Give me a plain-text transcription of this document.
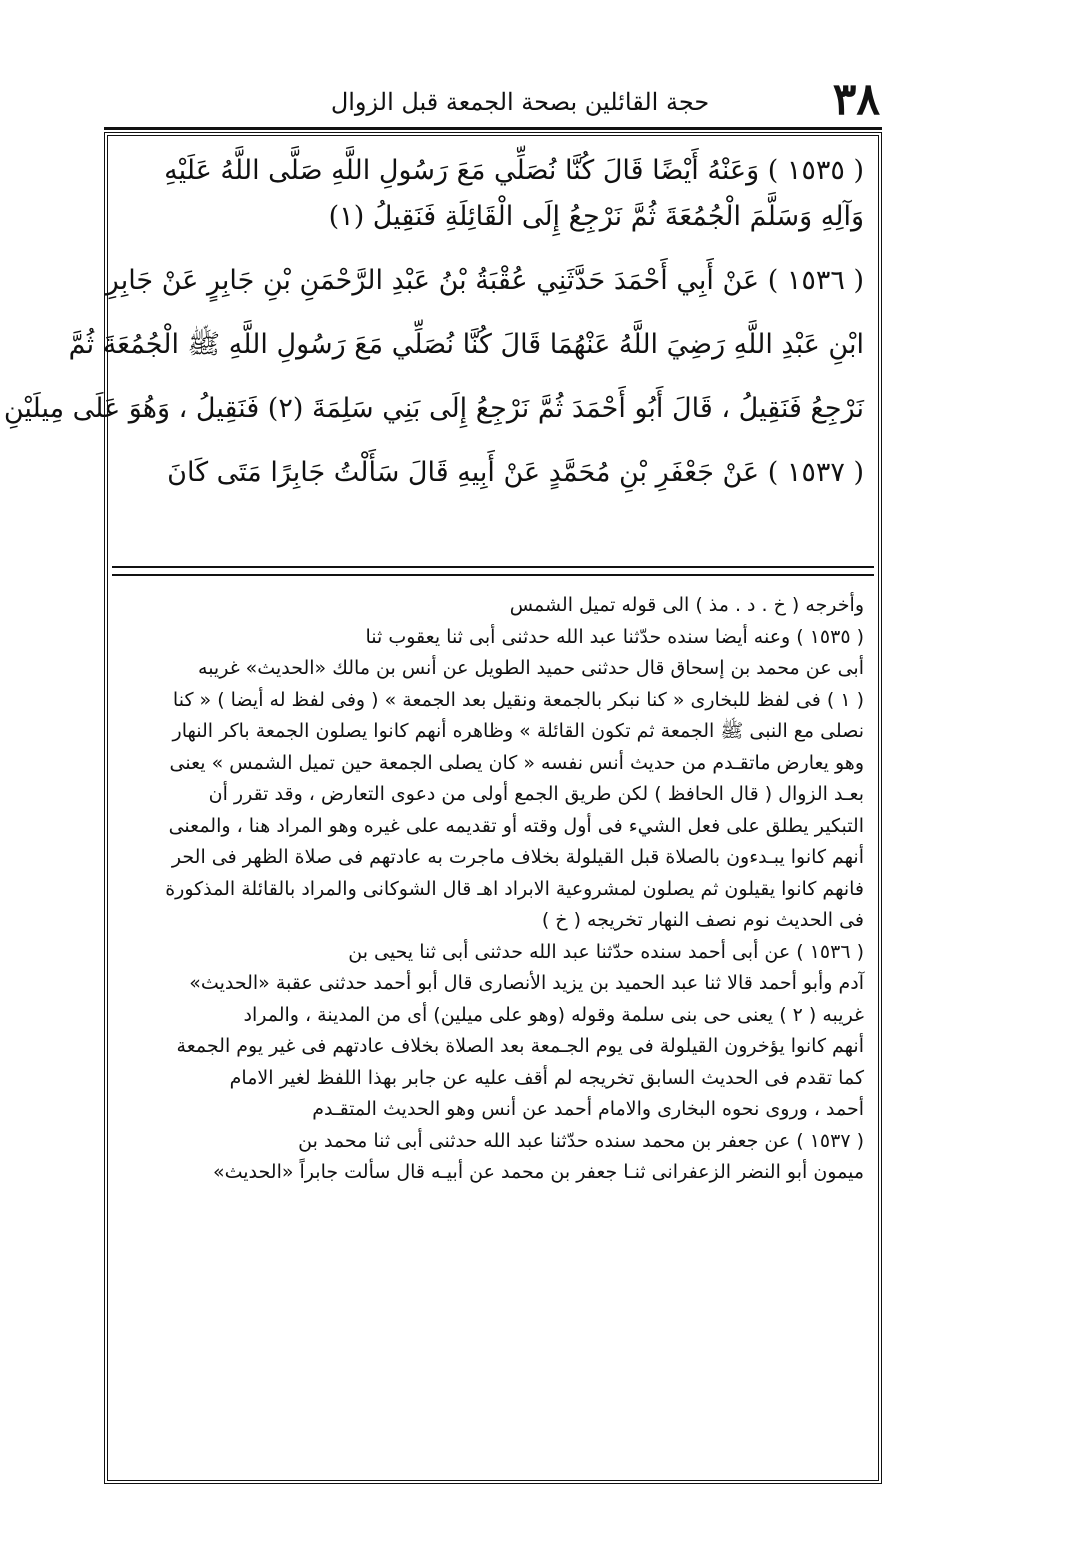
٣٨
حجة القائلين بصحة الجمعة قبل الزوال
( ١٥٣٥ ) وَعَنْهُ أَيْضًا قَالَ كُنَّا نُصَلِّي مَعَ رَسُولِ اللَّهِ صَلَّى اللَّهُ عَلَيْهِ
وَآلِهِ وَسَلَّمَ الْجُمُعَةَ ثُمَّ نَرْجِعُ إِلَى الْقَائِلَةِ فَنَقِيلُ (١)
( ١٥٣٦ ) عَنْ أَبِي أَحْمَدَ حَدَّثَنِي عُقْبَةُ بْنُ عَبْدِ الرَّحْمَنِ بْنِ جَابِرٍ عَنْ جَابِرِ
ابْنِ عَبْدِ اللَّهِ رَضِيَ اللَّهُ عَنْهُمَا قَالَ كُنَّا نُصَلِّي مَعَ رَسُولِ اللَّهِ ﷺ الْجُمُعَةَ ثُمَّ
نَرْجِعُ فَنَقِيلُ ، قَالَ أَبُو أَحْمَدَ ثُمَّ نَرْجِعُ إِلَى بَنِي سَلِمَةَ (٢) فَنَقِيلُ ، وَهُوَ عَلَى مِيلَيْنِ
( ١٥٣٧ ) عَنْ جَعْفَرِ بْنِ مُحَمَّدٍ عَنْ أَبِيهِ قَالَ سَأَلْتُ جَابِرًا مَتَى كَانَ
وأخرجه ( خ . د . مذ ) الى قوله تميل الشمس
( ١٥٣٥ ) وعنه أيضا سنده حدّثنا عبد الله حدثنى أبى ثنا يعقوب ثنا
أبى عن محمد بن إسحاق قال حدثنى حميد الطويل عن أنس بن مالك «الحديث» غريبه
( ١ ) فى لفظ للبخارى « كنا نبكر بالجمعة ونقيل بعد الجمعة » ( وفى لفظ له أيضا ) « كنا
نصلى مع النبى ﷺ الجمعة ثم تكون القائلة » وظاهره أنهم كانوا يصلون الجمعة باكر النهار
وهو يعارض ماتقـدم من حديث أنس نفسه « كان يصلى الجمعة حين تميل الشمس » يعنى
بعـد الزوال ( قال الحافظ ) لكن طريق الجمع أولى من دعوى التعارض ، وقد تقرر أن
التبكير يطلق على فعل الشيء فى أول وقته أو تقديمه على غيره وهو المراد هنا ، والمعنى
أنهم كانوا يبـدءون بالصلاة قبل القيلولة بخلاف ماجرت به عادتهم فى صلاة الظهر فى الحر
فانهم كانوا يقيلون ثم يصلون لمشروعية الابراد اهـ قال الشوكانى والمراد بالقائلة المذكورة
فى الحديث نوم نصف النهار تخريجه ( خ )
( ١٥٣٦ ) عن أبى أحمد سنده حدّثنا عبد الله حدثنى أبى ثنا يحيى بن
آدم وأبو أحمد قالا ثنا عبد الحميد بن يزيد الأنصارى قال أبو أحمد حدثنى عقبة «الحديث»
غريبه ( ٢ ) يعنى حى بنى سلمة وقوله (وهو على ميلين) أى من المدينة ، والمراد
أنهم كانوا يؤخرون القيلولة فى يوم الجـمعة بعد الصلاة بخلاف عادتهم فى غير يوم الجمعة
كما تقدم فى الحديث السابق تخريجه لم أقف عليه عن جابر بهذا اللفظ لغير الامام
أحمد ، وروى نحوه البخارى والامام أحمد عن أنس وهو الحديث المتقـدم
( ١٥٣٧ ) عن جعفر بن محمد سنده حدّثنا عبد الله حدثنى أبى ثنا محمد بن
ميمون أبو النضر الزعفرانى ثنـا جعفر بن محمد عن أبيـه قال سألت جابراً «الحديث»
